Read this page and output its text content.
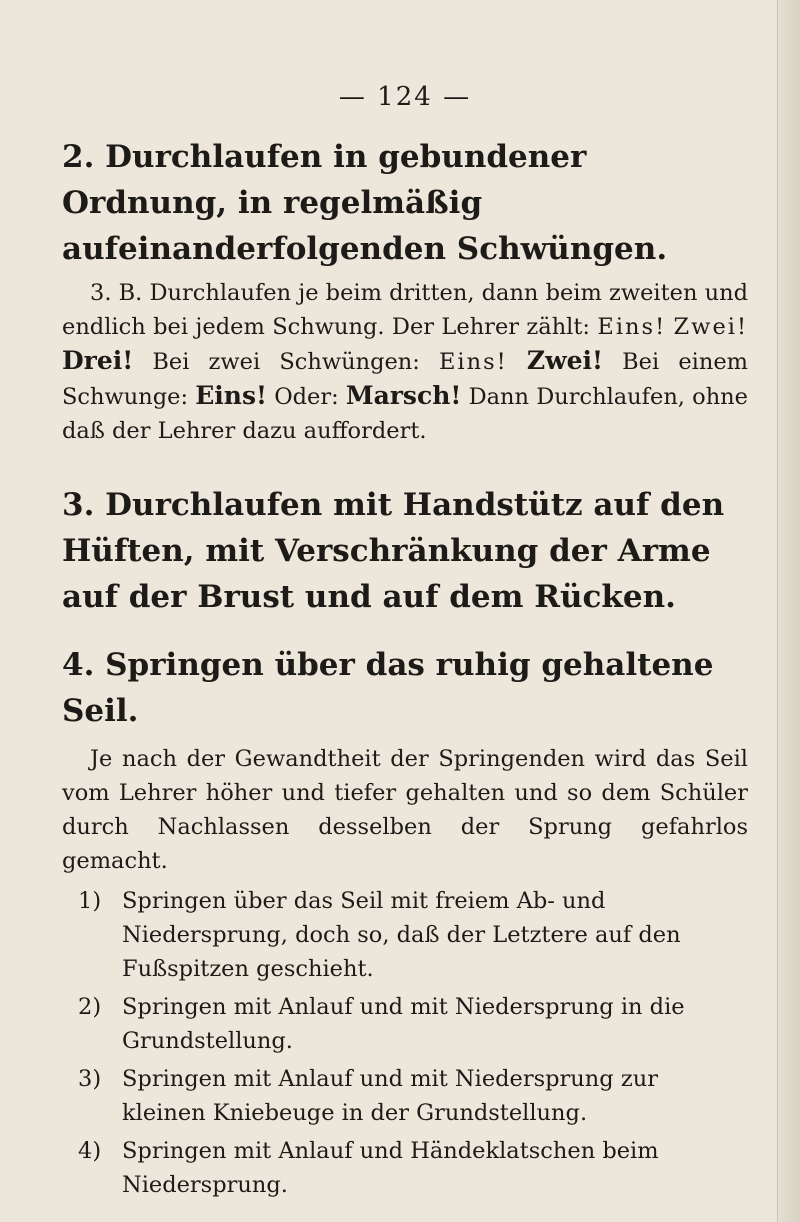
— 124 —

2. Durchlaufen in gebundener Ordnung, in regelmäßig aufeinanderfolgenden Schwüngen.

3. B. Durchlaufen je beim dritten, dann beim zweiten und endlich bei jedem Schwung. Der Lehrer zählt: Eins! Zwei! Drei! Bei zwei Schwüngen: Eins! Zwei! Bei einem Schwunge: Eins! Oder: Marsch! Dann Durchlaufen, ohne daß der Lehrer dazu auffordert.

3. Durchlaufen mit Handstütz auf den Hüften, mit Verschränkung der Arme auf der Brust und auf dem Rücken.

4. Springen über das ruhig gehaltene Seil.

Je nach der Gewandtheit der Springenden wird das Seil vom Lehrer höher und tiefer gehalten und so dem Schüler durch Nachlassen desselben der Sprung gefahrlos gemacht.

1) Springen über das Seil mit freiem Ab- und Niedersprung, doch so, daß der Letztere auf den Fußspitzen geschieht.
2) Springen mit Anlauf und mit Niedersprung in die Grundstellung.
3) Springen mit Anlauf und mit Niedersprung zur kleinen Kniebeuge in der Grundstellung.
4) Springen mit Anlauf und Händeklatschen beim Niedersprung.
